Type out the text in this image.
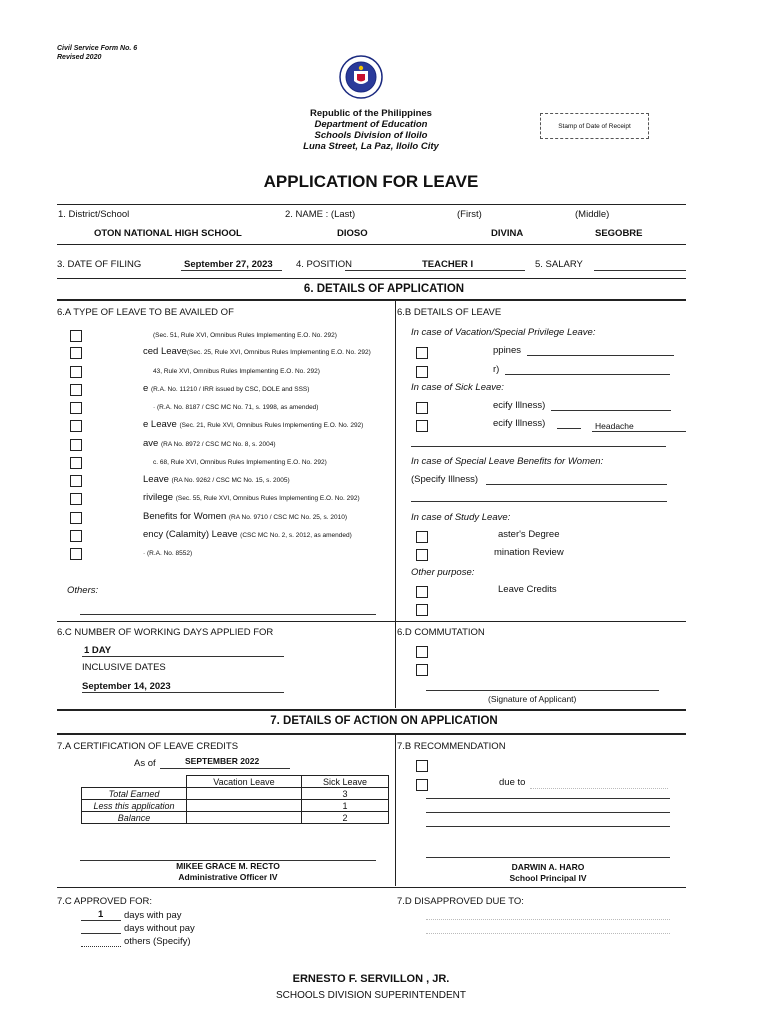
Civil Service Form No. 6
Revised 2020
Republic of the Philippines
Department of Education
Schools Division of Iloilo
Luna Street, La Paz, Iloilo City
Stamp of Date of Receipt
APPLICATION FOR LEAVE
1. District/School	2. NAME : (Last)	(First)	(Middle)
OTON NATIONAL HIGH SCHOOL	DIOSO	DIVINA	SEGOBRE
3. DATE OF FILING	September 27, 2023 4. POSITION	TEACHER I	5. SALARY
6. DETAILS OF APPLICATION
6.A TYPE OF LEAVE TO BE AVAILED OF
(Sec. 51, Rule XVI, Omnibus Rules Implementing E.O. No. 292)
ced Leave(Sec. 25, Rule XVI, Omnibus Rules Implementing E.O. No. 292)
43, Rule XVI, Omnibus Rules Implementing E.O. No. 292)
e (R.A. No. 11210 / IRR issued by CSC, DOLE and SSS)
· (R.A. No. 8187 / CSC MC No. 71, s. 1998, as amended)
e Leave (Sec. 21, Rule XVI, Omnibus Rules Implementing E.O. No. 292)
ave (RA No. 8972 / CSC MC No. 8, s. 2004)
c. 68, Rule XVI, Omnibus Rules Implementing E.O. No. 292)
Leave (RA No. 9262 / CSC MC No. 15, s. 2005)
rivilege (Sec. 55, Rule XVI, Omnibus Rules Implementing E.O. No. 292)
Benefits for Women (RA No. 9710 / CSC MC No. 25, s. 2010)
ency (Calamity) Leave (CSC MC No. 2, s. 2012, as amended)
· (R.A. No. 8552)
Others:
6.B DETAILS OF LEAVE
In case of Vacation/Special Privilege Leave:
ppines
r)
In case of Sick Leave:
ecify Illness)
ecify Illness)	Headache
In case of Special Leave Benefits for Women:
(Specify Illness)
In case of Study Leave:
aster's Degree
mination Review
Other purpose:
Leave Credits
6.C NUMBER OF WORKING DAYS APPLIED FOR
1 DAY
INCLUSIVE DATES
September 14, 2023
6.D COMMUTATION
(Signature of Applicant)
7. DETAILS OF ACTION ON APPLICATION
7.A CERTIFICATION OF LEAVE CREDITS
As of	SEPTEMBER 2022
	Vacation Leave	Sick Leave
Total Earned		3
Less this application		1
Balance		2
MIKEE GRACE M. RECTO
Administrative Officer IV
7.B RECOMMENDATION
due to
DARWIN A. HARO
School Principal IV
7.C APPROVED FOR:
1 days with pay
days without pay
others (Specify)
7.D DISAPPROVED DUE TO:
ERNESTO F. SERVILLON , JR.
SCHOOLS DIVISION SUPERINTENDENT
